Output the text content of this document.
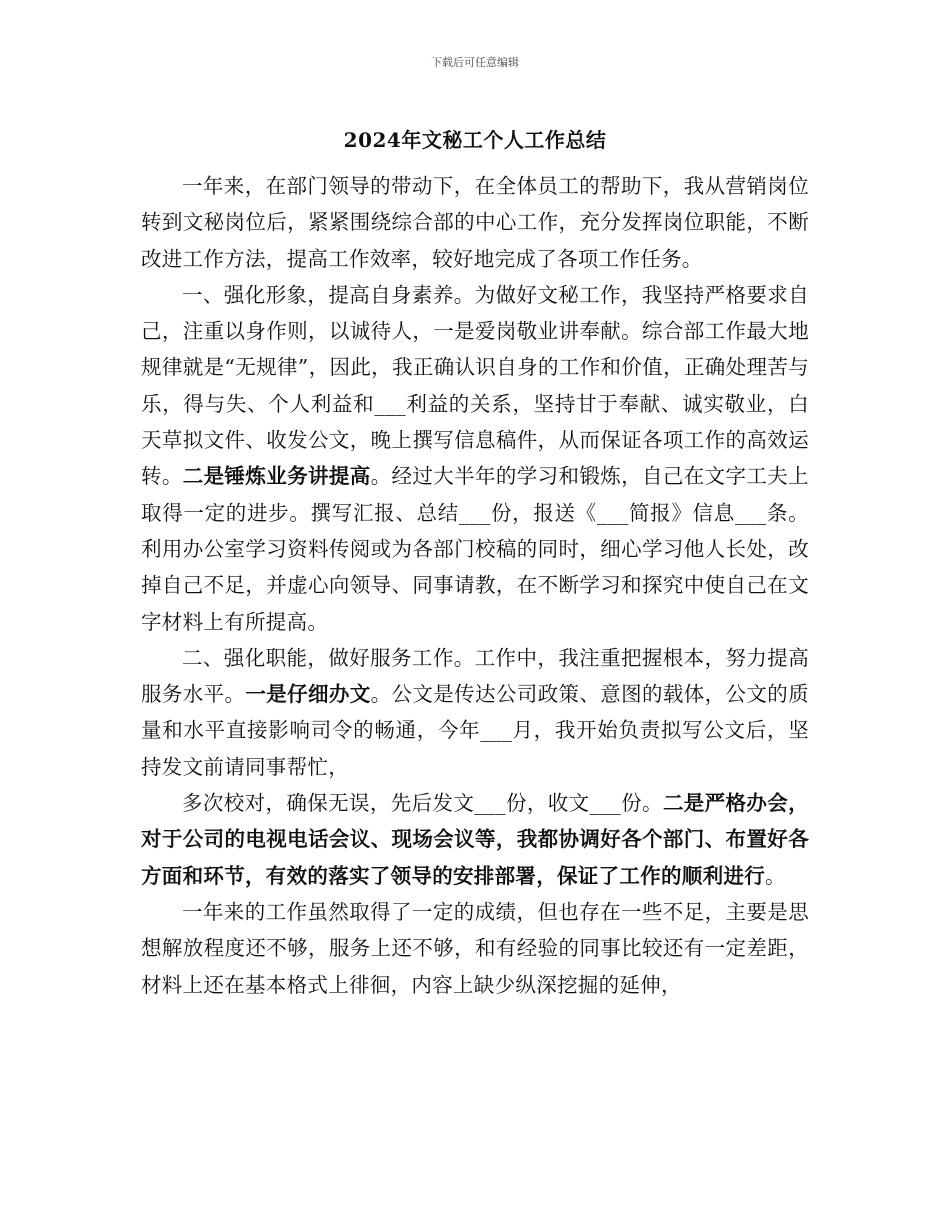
下载后可任意编辑
2024年文秘工个人工作总结

一年来，在部门领导的带动下，在全体员工的帮助下，我从营销岗位转到文秘岗位后，紧紧围绕综合部的中心工作，充分发挥岗位职能，不断改进工作方法，提高工作效率，较好地完成了各项工作任务。

一、强化形象，提高自身素养。为做好文秘工作，我坚持严格要求自己，注重以身作则，以诚待人，一是爱岗敬业讲奉献。综合部工作最大地规律就是“无规律”，因此，我正确认识自身的工作和价值，正确处理苦与乐，得与失、个人利益和___利益的关系，坚持甘于奉献、诚实敬业，白天草拟文件、收发公文，晚上撰写信息稿件，从而保证各项工作的高效运转。二是锤炼业务讲提高。经过大半年的学习和锻炼，自己在文字工夫上取得一定的进步。撰写汇报、总结___份，报送《___简报》信息___条。利用办公室学习资料传阅或为各部门校稿的同时，细心学习他人长处，改掉自己不足，并虚心向领导、同事请教，在不断学习和探究中使自己在文字材料上有所提高。

二、强化职能，做好服务工作。工作中，我注重把握根本，努力提高服务水平。一是仔细办文。公文是传达公司政策、意图的载体，公文的质量和水平直接影响司令的畅通，今年___月，我开始负责拟写公文后，坚持发文前请同事帮忙，

多次校对，确保无误，先后发文___份，收文___份。二是严格办会，对于公司的电视电话会议、现场会议等，我都协调好各个部门、布置好各方面和环节，有效的落实了领导的安排部署，保证了工作的顺利进行。

一年来的工作虽然取得了一定的成绩，但也存在一些不足，主要是思想解放程度还不够，服务上还不够，和有经验的同事比较还有一定差距，材料上还在基本格式上徘徊，内容上缺少纵深挖掘的延伸，
